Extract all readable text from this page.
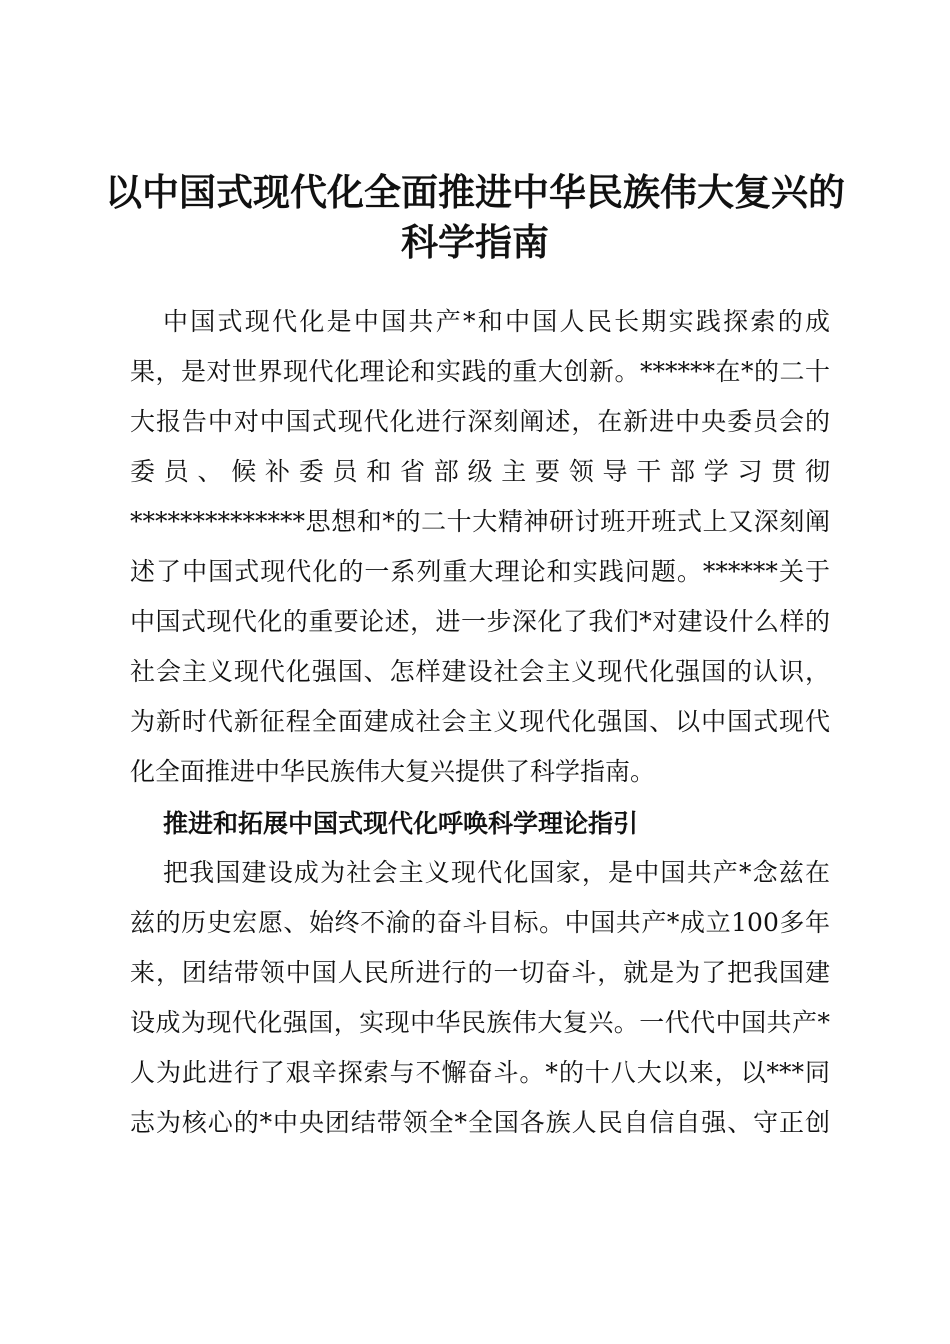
以中国式现代化全面推进中华民族伟大复兴的
科学指南

中国式现代化是中国共产*和中国人民长期实践探索的成

果，是对世界现代化理论和实践的重大创新。******在*的二十

大报告中对中国式现代化进行深刻阐述，在新进中央委员会的

委员、候补委员和省部级主要领导干部学习贯彻

**************思想和*的二十大精神研讨班开班式上又深刻阐

述了中国式现代化的一系列重大理论和实践问题。******关于

中国式现代化的重要论述，进一步深化了我们*对建设什么样的

社会主义现代化强国、怎样建设社会主义现代化强国的认识，

为新时代新征程全面建成社会主义现代化强国、以中国式现代

化全面推进中华民族伟大复兴提供了科学指南。

推进和拓展中国式现代化呼唤科学理论指引

把我国建设成为社会主义现代化国家，是中国共产*念兹在

兹的历史宏愿、始终不渝的奋斗目标。中国共产*成立100多年

来，团结带领中国人民所进行的一切奋斗，就是为了把我国建

设成为现代化强国，实现中华民族伟大复兴。一代代中国共产*

人为此进行了艰辛探索与不懈奋斗。*的十八大以来，以***同

志为核心的*中央团结带领全*全国各族人民自信自强、守正创
